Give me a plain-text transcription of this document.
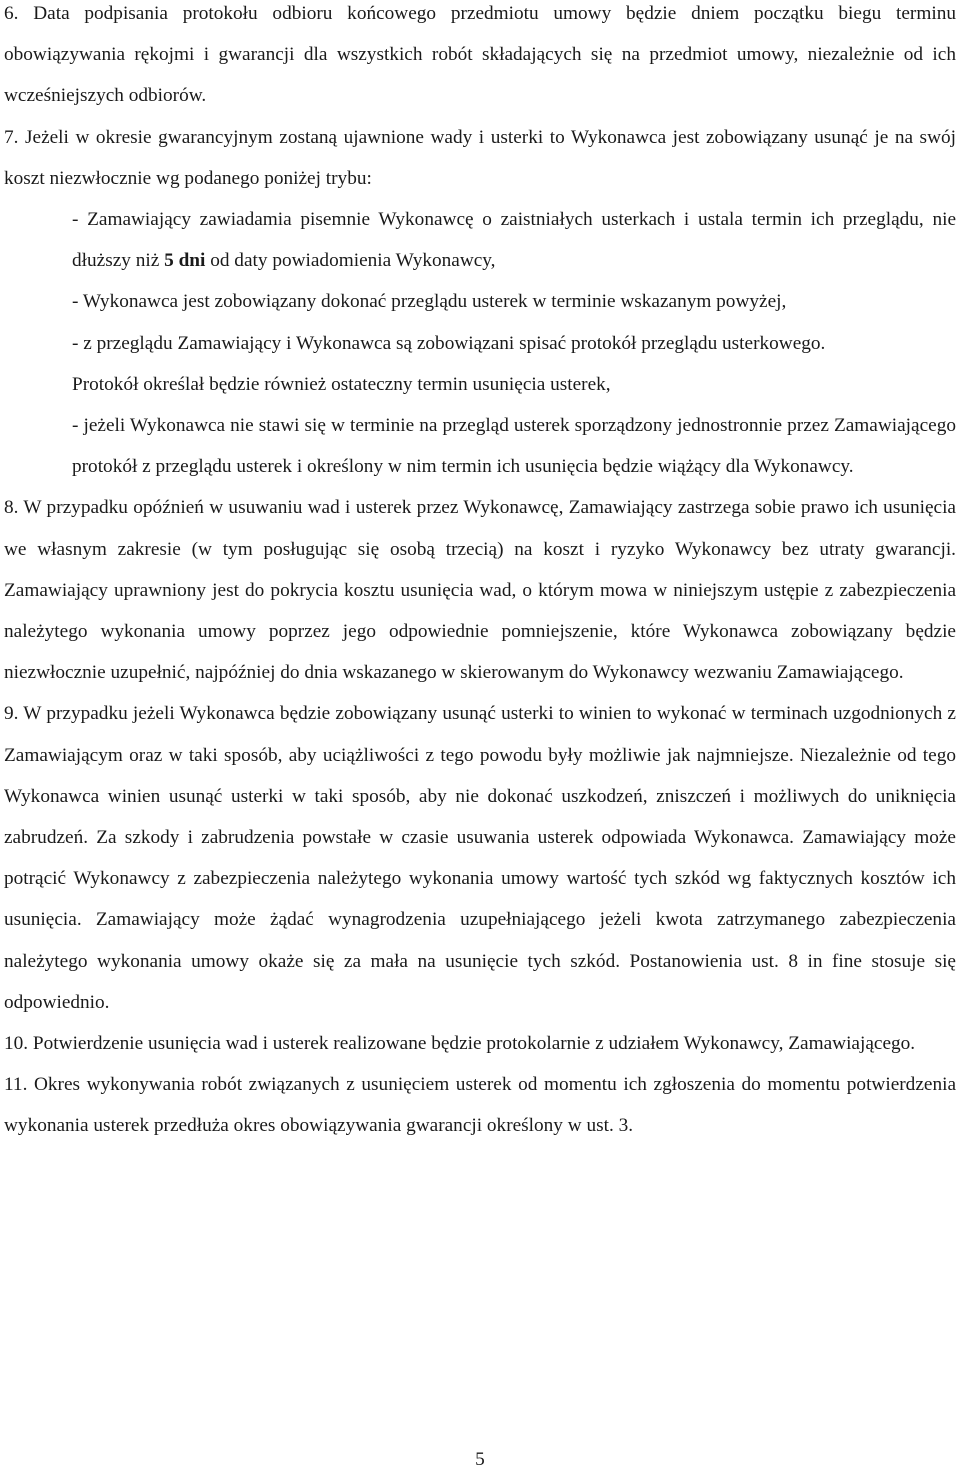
6. Data podpisania protokołu odbioru końcowego przedmiotu umowy będzie dniem początku biegu terminu obowiązywania rękojmi i gwarancji dla wszystkich robót składających się na przedmiot umowy, niezależnie od ich wcześniejszych odbiorów.

7. Jeżeli w okresie gwarancyjnym zostaną ujawnione wady i usterki to Wykonawca jest zobowiązany usunąć je na swój koszt niezwłocznie wg podanego poniżej trybu:

- Zamawiający zawiadamia pisemnie Wykonawcę o zaistniałych usterkach i ustala termin ich przeglądu, nie dłuższy niż 5 dni od daty powiadomienia Wykonawcy,

- Wykonawca jest zobowiązany dokonać przeglądu usterek w terminie wskazanym powyżej,

- z przeglądu Zamawiający i Wykonawca są zobowiązani spisać protokół przeglądu usterkowego.

Protokół określał będzie również ostateczny termin usunięcia usterek,

- jeżeli Wykonawca nie stawi się w terminie na przegląd usterek sporządzony jednostronnie przez Zamawiającego protokół z przeglądu usterek i określony w nim termin ich usunięcia będzie wiążący dla Wykonawcy.

8. W przypadku opóźnień w usuwaniu wad i usterek przez Wykonawcę, Zamawiający zastrzega sobie prawo ich usunięcia we własnym zakresie (w tym posługując się osobą trzecią) na koszt i ryzyko Wykonawcy bez utraty gwarancji. Zamawiający uprawniony jest do pokrycia kosztu usunięcia wad, o którym mowa w niniejszym ustępie z zabezpieczenia należytego wykonania umowy poprzez jego odpowiednie pomniejszenie, które Wykonawca zobowiązany będzie niezwłocznie uzupełnić, najpóźniej do dnia wskazanego w skierowanym do Wykonawcy wezwaniu Zamawiającego.

9. W przypadku jeżeli Wykonawca będzie zobowiązany usunąć usterki to winien to wykonać w terminach uzgodnionych z Zamawiającym oraz w taki sposób, aby uciążliwości z tego powodu były możliwie jak najmniejsze. Niezależnie od tego Wykonawca winien usunąć usterki w taki sposób, aby nie dokonać uszkodzeń, zniszczeń i możliwych do uniknięcia zabrudzeń. Za szkody i zabrudzenia powstałe w czasie usuwania usterek odpowiada Wykonawca. Zamawiający może potrącić Wykonawcy z zabezpieczenia należytego wykonania umowy wartość tych szkód wg faktycznych kosztów ich usunięcia. Zamawiający może żądać wynagrodzenia uzupełniającego jeżeli kwota zatrzymanego zabezpieczenia należytego wykonania umowy okaże się za mała na usunięcie tych szkód. Postanowienia ust. 8 in fine stosuje się odpowiednio.

10. Potwierdzenie usunięcia wad i usterek realizowane będzie protokolarnie z udziałem Wykonawcy, Zamawiającego.

11. Okres wykonywania robót związanych z usunięciem usterek od momentu ich zgłoszenia do momentu potwierdzenia wykonania usterek przedłuża okres obowiązywania gwarancji określony w ust. 3.

5
